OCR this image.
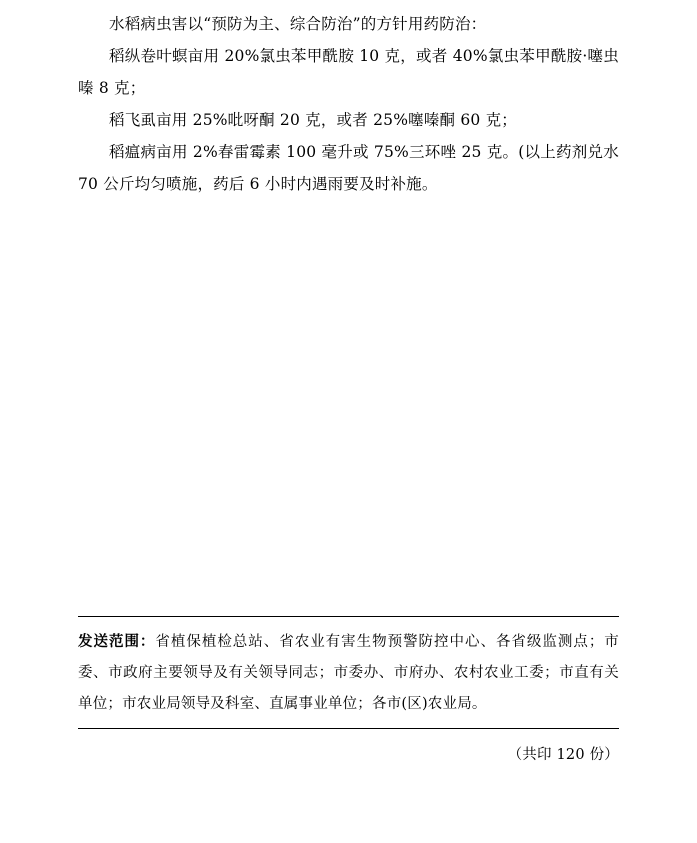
水稻病虫害以“预防为主、综合防治”的方针用药防治：

稻纵卷叶螟亩用 20%氯虫苯甲酰胺 10 克，或者 40%氯虫苯甲酰胺·噻虫嗪 8 克；

稻飞虱亩用 25%吡呀酮 20 克，或者 25%噻嗪酮 60 克；

稻瘟病亩用 2%春雷霉素 100 毫升或 75%三环唑 25 克。(以上药剂兑水 70 公斤均匀喷施，药后 6 小时内遇雨要及时补施。

发送范围：省植保植检总站、省农业有害生物预警防控中心、各省级监测点；市委、市政府主要领导及有关领导同志；市委办、市府办、农村农业工委；市直有关单位；市农业局领导及科室、直属事业单位；各市(区)农业局。
（共印 120 份）
